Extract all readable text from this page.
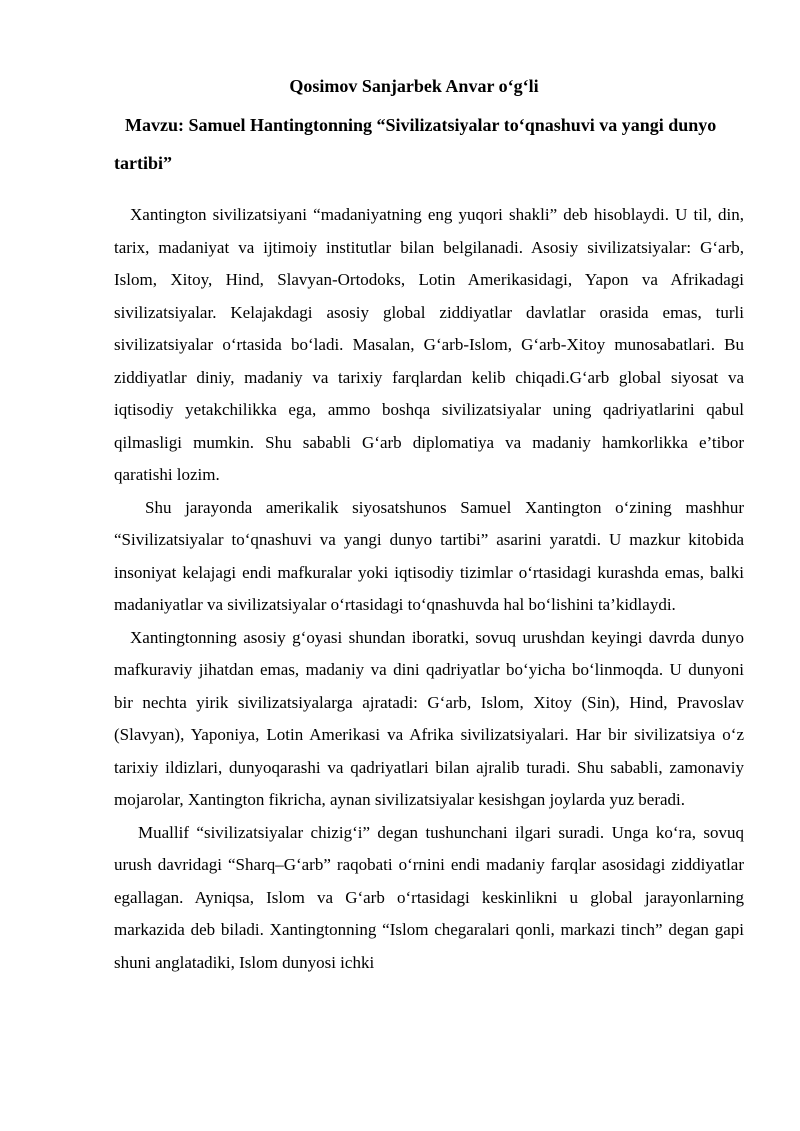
Qosimov Sanjarbek Anvar o‘g‘li
Mavzu: Samuel Hantingtonning “Sivilizatsiyalar to‘qnashuvi va yangi dunyo tartibi”

Xantington sivilizatsiyani “madaniyatning eng yuqori shakli” deb hisoblaydi. U til, din, tarix, madaniyat va ijtimoiy institutlar bilan belgilanadi. Asosiy sivilizatsiyalar: G‘arb, Islom, Xitoy, Hind, Slavyan-Ortodoks, Lotin Amerikasidagi, Yapon va Afrikadagi sivilizatsiyalar. Kelajakdagi asosiy global ziddiyatlar davlatlar orasida emas, turli sivilizatsiyalar o‘rtasida bo‘ladi. Masalan, G‘arb-Islom, G‘arb-Xitoy munosabatlari. Bu ziddiyatlar diniy, madaniy va tarixiy farqlardan kelib chiqadi.G‘arb global siyosat va iqtisodiy yetakchilikka ega, ammo boshqa sivilizatsiyalar uning qadriyatlarini qabul qilmasligi mumkin. Shu sababli G‘arb diplomatiya va madaniy hamkorlikka e’tibor qaratishi lozim.

Shu jarayonda amerikalik siyosatshunos Samuel Xantington o‘zining mashhur “Sivilizatsiyalar to‘qnashuvi va yangi dunyo tartibi” asarini yaratdi. U mazkur kitobida insoniyat kelajagi endi mafkuralar yoki iqtisodiy tizimlar o‘rtasidagi kurashda emas, balki madaniyatlar va sivilizatsiyalar o‘rtasidagi to‘qnashuvda hal bo‘lishini ta’kidlaydi.

Xantingtonning asosiy g‘oyasi shundan iboratki, sovuq urushdan keyingi davrda dunyo mafkuraviy jihatdan emas, madaniy va dini qadriyatlar bo‘yicha bo‘linmoqda. U dunyoni bir nechta yirik sivilizatsiyalarga ajratadi: G‘arb, Islom, Xitoy (Sin), Hind, Pravoslav (Slavyan), Yaponiya, Lotin Amerikasi va Afrika sivilizatsiyalari. Har bir sivilizatsiya o‘z tarixiy ildizlari, dunyoqarashi va qadriyatlari bilan ajralib turadi. Shu sababli, zamonaviy mojarolar, Xantington fikricha, aynan sivilizatsiyalar kesishgan joylarda yuz beradi.

Muallif “sivilizatsiyalar chizig‘i” degan tushunchani ilgari suradi. Unga ko‘ra, sovuq urush davridagi “Sharq–G‘arb” raqobati o‘rnini endi madaniy farqlar asosidagi ziddiyatlar egallagan. Ayniqsa, Islom va G‘arb o‘rtasidagi keskinlikni u global jarayonlarning markazida deb biladi. Xantingtonning “Islom chegaralari qonli, markazi tinch” degan gapi shuni anglatadiki, Islom dunyosi ichki
